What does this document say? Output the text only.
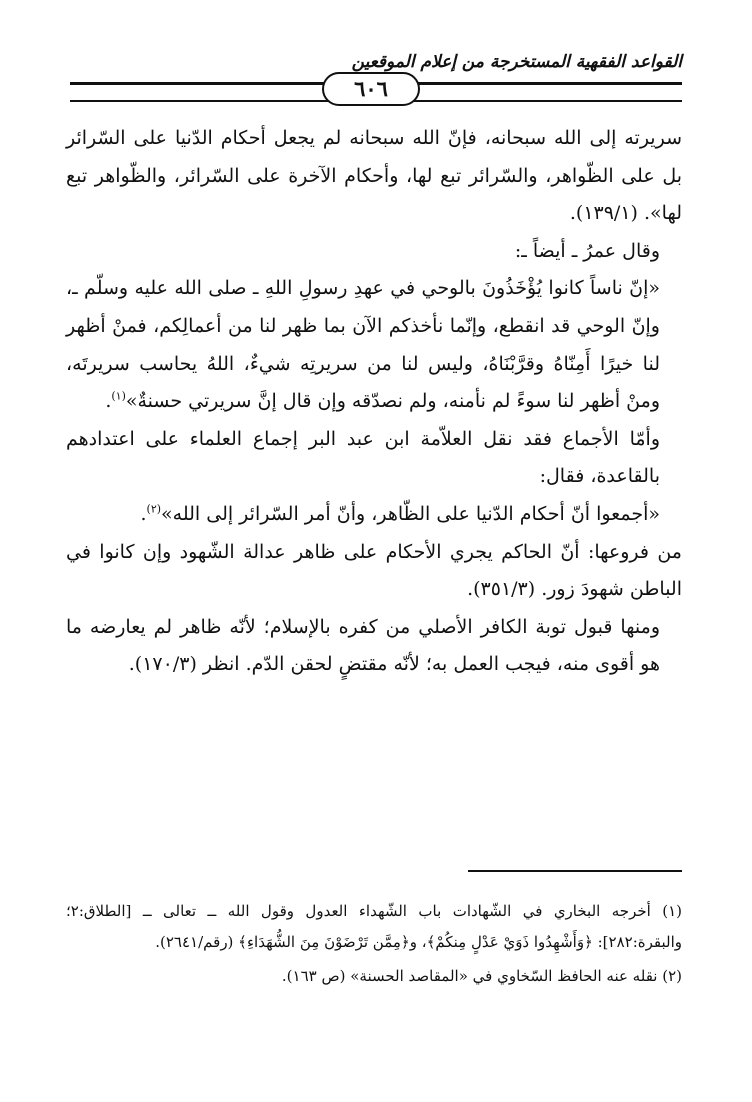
القواعد الفقهية المستخرجة من إعلام الموقعين
٦٠٦

سريرته إلى الله سبحانه، فإنّ الله سبحانه لم يجعل أحكام الدّنيا على السّرائر بل على الظّواهر، والسّرائر تبع لها، وأحكام الآخرة على السّرائر، والظّواهر تبع لها». (١٣٩/١).

وقال عمرُ ـ أيضاً ـ:

«إنّ ناساً كانوا يُؤْخَذُونَ بالوحي في عهدِ رسولِ اللهِ ـ صلى الله عليه وسلّم ـ، وإنّ الوحي قد انقطع، وإنّما نأخذكم الآن بما ظهر لنا من أعمالِكم، فمنْ أظهر لنا خيرًا أَمِنّاهُ وقرَّبْنَاهُ، وليس لنا من سريرتِه شيءٌ، اللهُ يحاسب سريرتَه، ومنْ أظهر لنا سوءً لم نأمنه، ولم نصدّقه وإن قال إنَّ سريرتي حسنةٌ»$^{(١)}$.

وأمّا الأجماع فقد نقل العلاّمة ابن عبد البر إجماع العلماء على اعتدادهم بالقاعدة، فقال:

«أجمعوا أنّ أحكام الدّنيا على الظّاهر، وأنّ أمر السّرائر إلى الله»$^{(٢)}$.

من فروعها: أنّ الحاكم يجري الأحكام على ظاهر عدالة الشّهود وإن كانوا في الباطن شهودَ زور. (٣٥١/٣).

ومنها قبول توبة الكافر الأصلي من كفره بالإسلام؛ لأنّه ظاهر لم يعارضه ما هو أقوى منه، فيجب العمل به؛ لأنّه مقتضٍ لحقن الدّم. انظر (١٧٠/٣).

(١) أخرجه البخاري في الشّهادات باب الشّهداء العدول وقول الله ــ تعالى ــ [الطلاق:٢؛ والبقرة:٢٨٢]: ﴿وَأَشْهِدُوا ذَوَيْ عَدْلٍ مِنكُمْ﴾، و﴿مِمَّن تَرْضَوْنَ مِنَ الشُّهَدَاءِ﴾ (رقم/٢٦٤١).

(٢) نقله عنه الحافظ السّخاوي في «المقاصد الحسنة» (ص ١٦٣).
